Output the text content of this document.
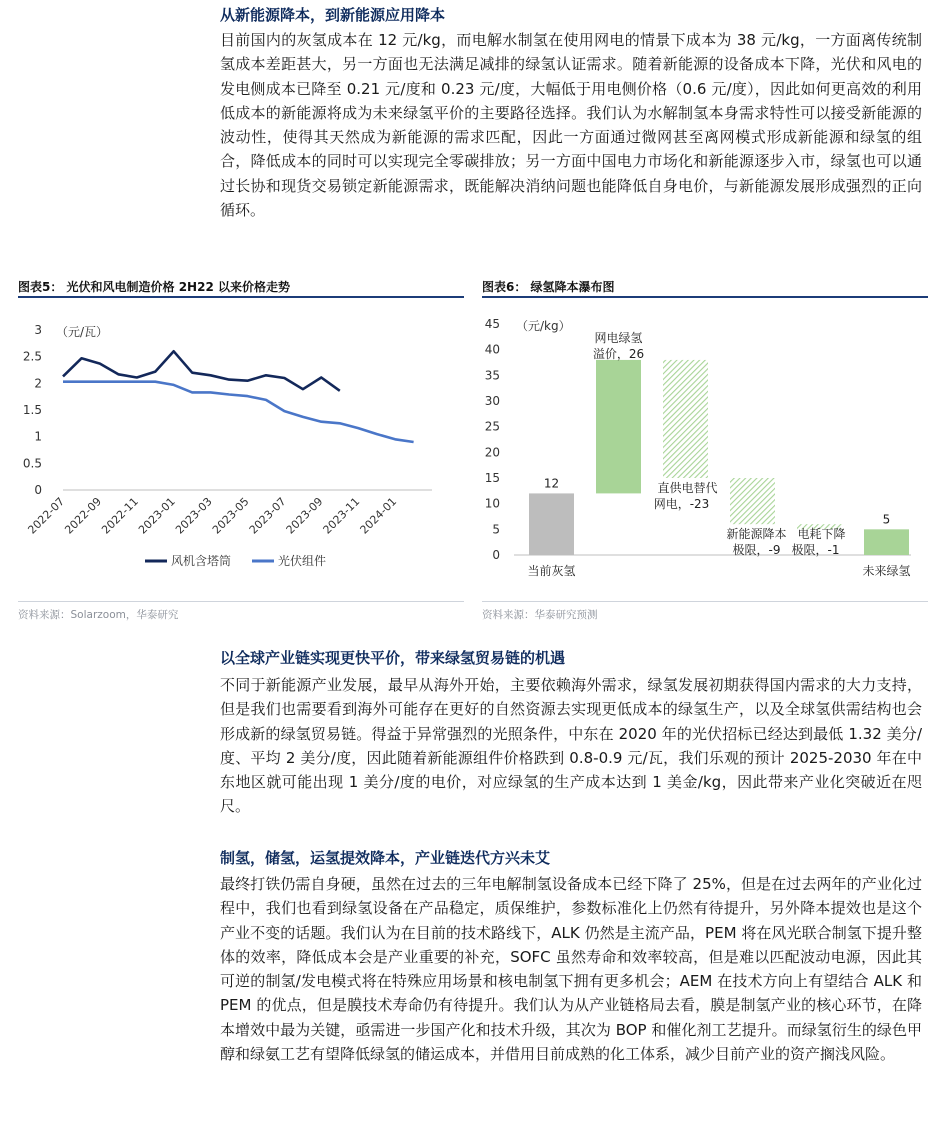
从新能源降本，到新能源应用降本
目前国内的灰氢成本在 12 元/kg，而电解水制氢在使用网电的情景下成本为 38 元/kg，一方面离传统制氢成本差距甚大，另一方面也无法满足减排的绿氢认证需求。随着新能源的设备成本下降，光伏和风电的发电侧成本已降至 0.21 元/度和 0.23 元/度，大幅低于用电侧价格（0.6 元/度），因此如何更高效的利用低成本的新能源将成为未来绿氢平价的主要路径选择。我们认为水解制氢本身需求特性可以接受新能源的波动性，使得其天然成为新能源的需求匹配，因此一方面通过微网甚至离网模式形成新能源和绿氢的组合，降低成本的同时可以实现完全零碳排放；另一方面中国电力市场化和新能源逐步入市，绿氢也可以通过长协和现货交易锁定新能源需求，既能解决消纳问题也能降低自身电价，与新能源发展形成强烈的正向循环。
图表5： 光伏和风电制造价格 2H22 以来价格走势
（元/瓦）
0
0.5
1
1.5
2
2.5
3
2022-07
2022-09
2022-11
2023-01
2023-03
2023-05
2023-07
2023-09
2023-11
2024-01
风机含塔筒	光伏组件
资料来源：Solarzoom，华泰研究
图表6： 绿氢降本瀑布图
（元/kg）
0
5
10
15
20
25
30
35
40
45
12
网电绿氢
溢价，26
直供电替代
网电，-23
新能源降本
极限，-9
电耗下降
极限，-1
5
当前灰氢	未来绿氢
资料来源：华泰研究预测
以全球产业链实现更快平价，带来绿氢贸易链的机遇
不同于新能源产业发展，最早从海外开始，主要依赖海外需求，绿氢发展初期获得国内需求的大力支持，但是我们也需要看到海外可能存在更好的自然资源去实现更低成本的绿氢生产，以及全球氢供需结构也会形成新的绿氢贸易链。得益于异常强烈的光照条件，中东在 2020 年的光伏招标已经达到最低 1.32 美分/度、平均 2 美分/度，因此随着新能源组件价格跌到 0.8-0.9 元/瓦，我们乐观的预计 2025-2030 年在中东地区就可能出现 1 美分/度的电价，对应绿氢的生产成本达到 1 美金/kg，因此带来产业化突破近在咫尺。
制氢，储氢，运氢提效降本，产业链迭代方兴未艾
最终打铁仍需自身硬，虽然在过去的三年电解制氢设备成本已经下降了 25%，但是在过去两年的产业化过程中，我们也看到绿氢设备在产品稳定，质保维护，参数标准化上仍然有待提升，另外降本提效也是这个产业不变的话题。我们认为在目前的技术路线下，ALK 仍然是主流产品，PEM 将在风光联合制氢下提升整体的效率，降低成本会是产业重要的补充，SOFC 虽然寿命和效率较高，但是难以匹配波动电源，因此其可逆的制氢/发电模式将在特殊应用场景和核电制氢下拥有更多机会；AEM 在技术方向上有望结合 ALK 和 PEM 的优点，但是膜技术寿命仍有待提升。我们认为从产业链格局去看，膜是制氢产业的核心环节，在降本增效中最为关键，亟需进一步国产化和技术升级，其次为 BOP 和催化剂工艺提升。而绿氢衍生的绿色甲醇和绿氨工艺有望降低绿氢的储运成本，并借用目前成熟的化工体系，减少目前产业的资产搁浅风险。
